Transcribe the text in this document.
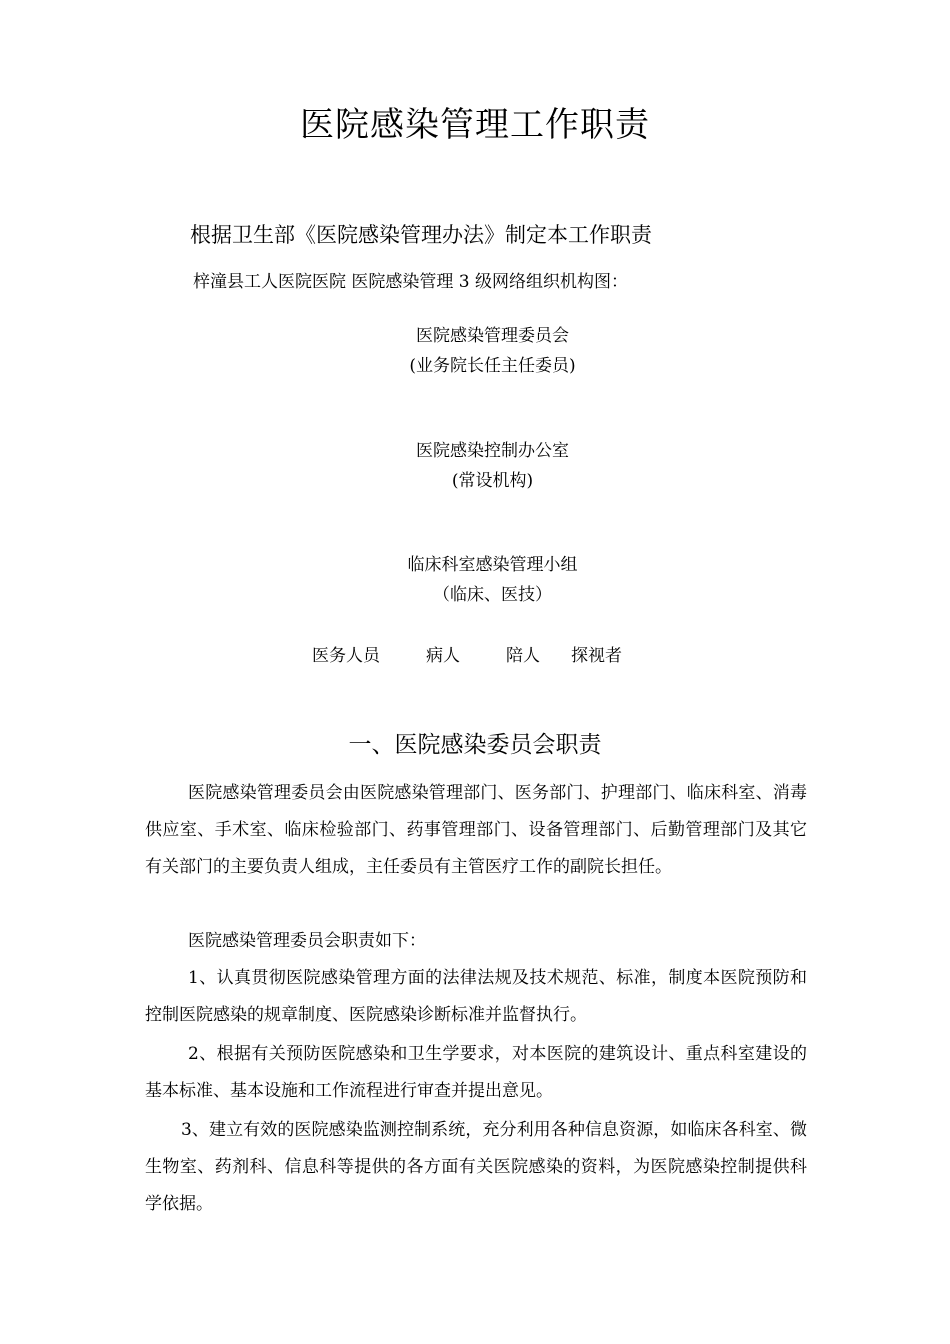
医院感染管理工作职责
根据卫生部《医院感染管理办法》制定本工作职责
梓潼县工人医院医院 医院感染管理 3 级网络组织机构图：
医院感染管理委员会
(业务院长任主任委员)
医院感染控制办公室
(常设机构)
临床科室感染管理小组
（临床、医技）
医务人员	病人	陪人 探视者
一、医院感染委员会职责

医院感染管理委员会由医院感染管理部门、医务部门、护理部门、临床科室、消毒供应室、手术室、临床检验部门、药事管理部门、设备管理部门、后勤管理部门及其它有关部门的主要负责人组成，主任委员有主管医疗工作的副院长担任。

医院感染管理委员会职责如下：

1、认真贯彻医院感染管理方面的法律法规及技术规范、标准，制度本医院预防和控制医院感染的规章制度、医院感染诊断标准并监督执行。

2、根据有关预防医院感染和卫生学要求，对本医院的建筑设计、重点科室建设的基本标准、基本设施和工作流程进行审查并提出意见。

3、建立有效的医院感染监测控制系统，充分利用各种信息资源，如临床各科室、微生物室、药剂科、信息科等提供的各方面有关医院感染的资料，为医院感染控制提供科学依据。
